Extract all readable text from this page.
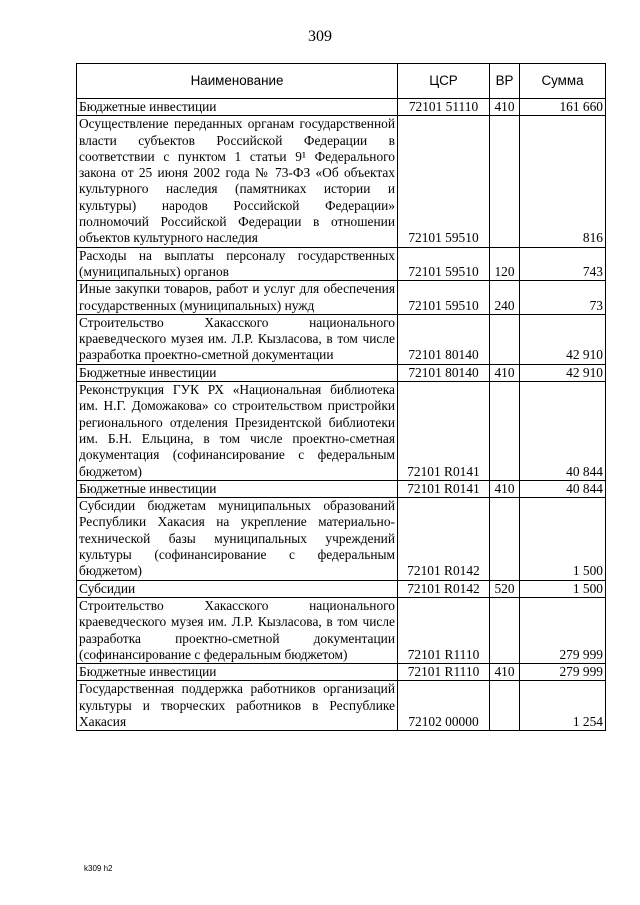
309
Наименование	ЦСР	ВР	Сумма
Бюджетные инвестиции	72101 51110	410	161 660
Осуществление переданных органам государственной власти субъектов Российской Федерации в соответствии с пунктом 1 статьи 9¹ Федерального закона от 25 июня 2002 года № 73-ФЗ «Об объектах культурного наследия (памятниках истории и культуры) народов Российской Федерации» полномочий Российской Федерации в отношении объектов культурного наследия	72101 59510		816
Расходы на выплаты персоналу государственных (муниципальных) органов	72101 59510	120	743
Иные закупки товаров, работ и услуг для обеспечения государственных (муниципальных) нужд	72101 59510	240	73
Строительство Хакасского национального краеведческого музея им. Л.Р. Кызласова, в том числе разработка проектно-сметной документации	72101 80140		42 910
Бюджетные инвестиции	72101 80140	410	42 910
Реконструкция ГУК РХ «Национальная библиотека им. Н.Г. Доможакова» со строительством пристройки регионального отделения Президентской библиотеки им. Б.Н. Ельцина, в том числе проектно-сметная документация (софинансирование с федеральным бюджетом)	72101 R0141		40 844
Бюджетные инвестиции	72101 R0141	410	40 844
Субсидии бюджетам муниципальных образований Республики Хакасия на укрепление материально-технической базы муниципальных учреждений культуры (софинансирование с федеральным бюджетом)	72101 R0142		1 500
Субсидии	72101 R0142	520	1 500
Строительство Хакасского национального краеведческого музея им. Л.Р. Кызласова, в том числе разработка проектно-сметной документации (софинансирование с федеральным бюджетом)	72101 R1110		279 999
Бюджетные инвестиции	72101 R1110	410	279 999
Государственная поддержка работников организаций культуры и творческих работников в Республике Хакасия	72102 00000		1 254
k309 h2
